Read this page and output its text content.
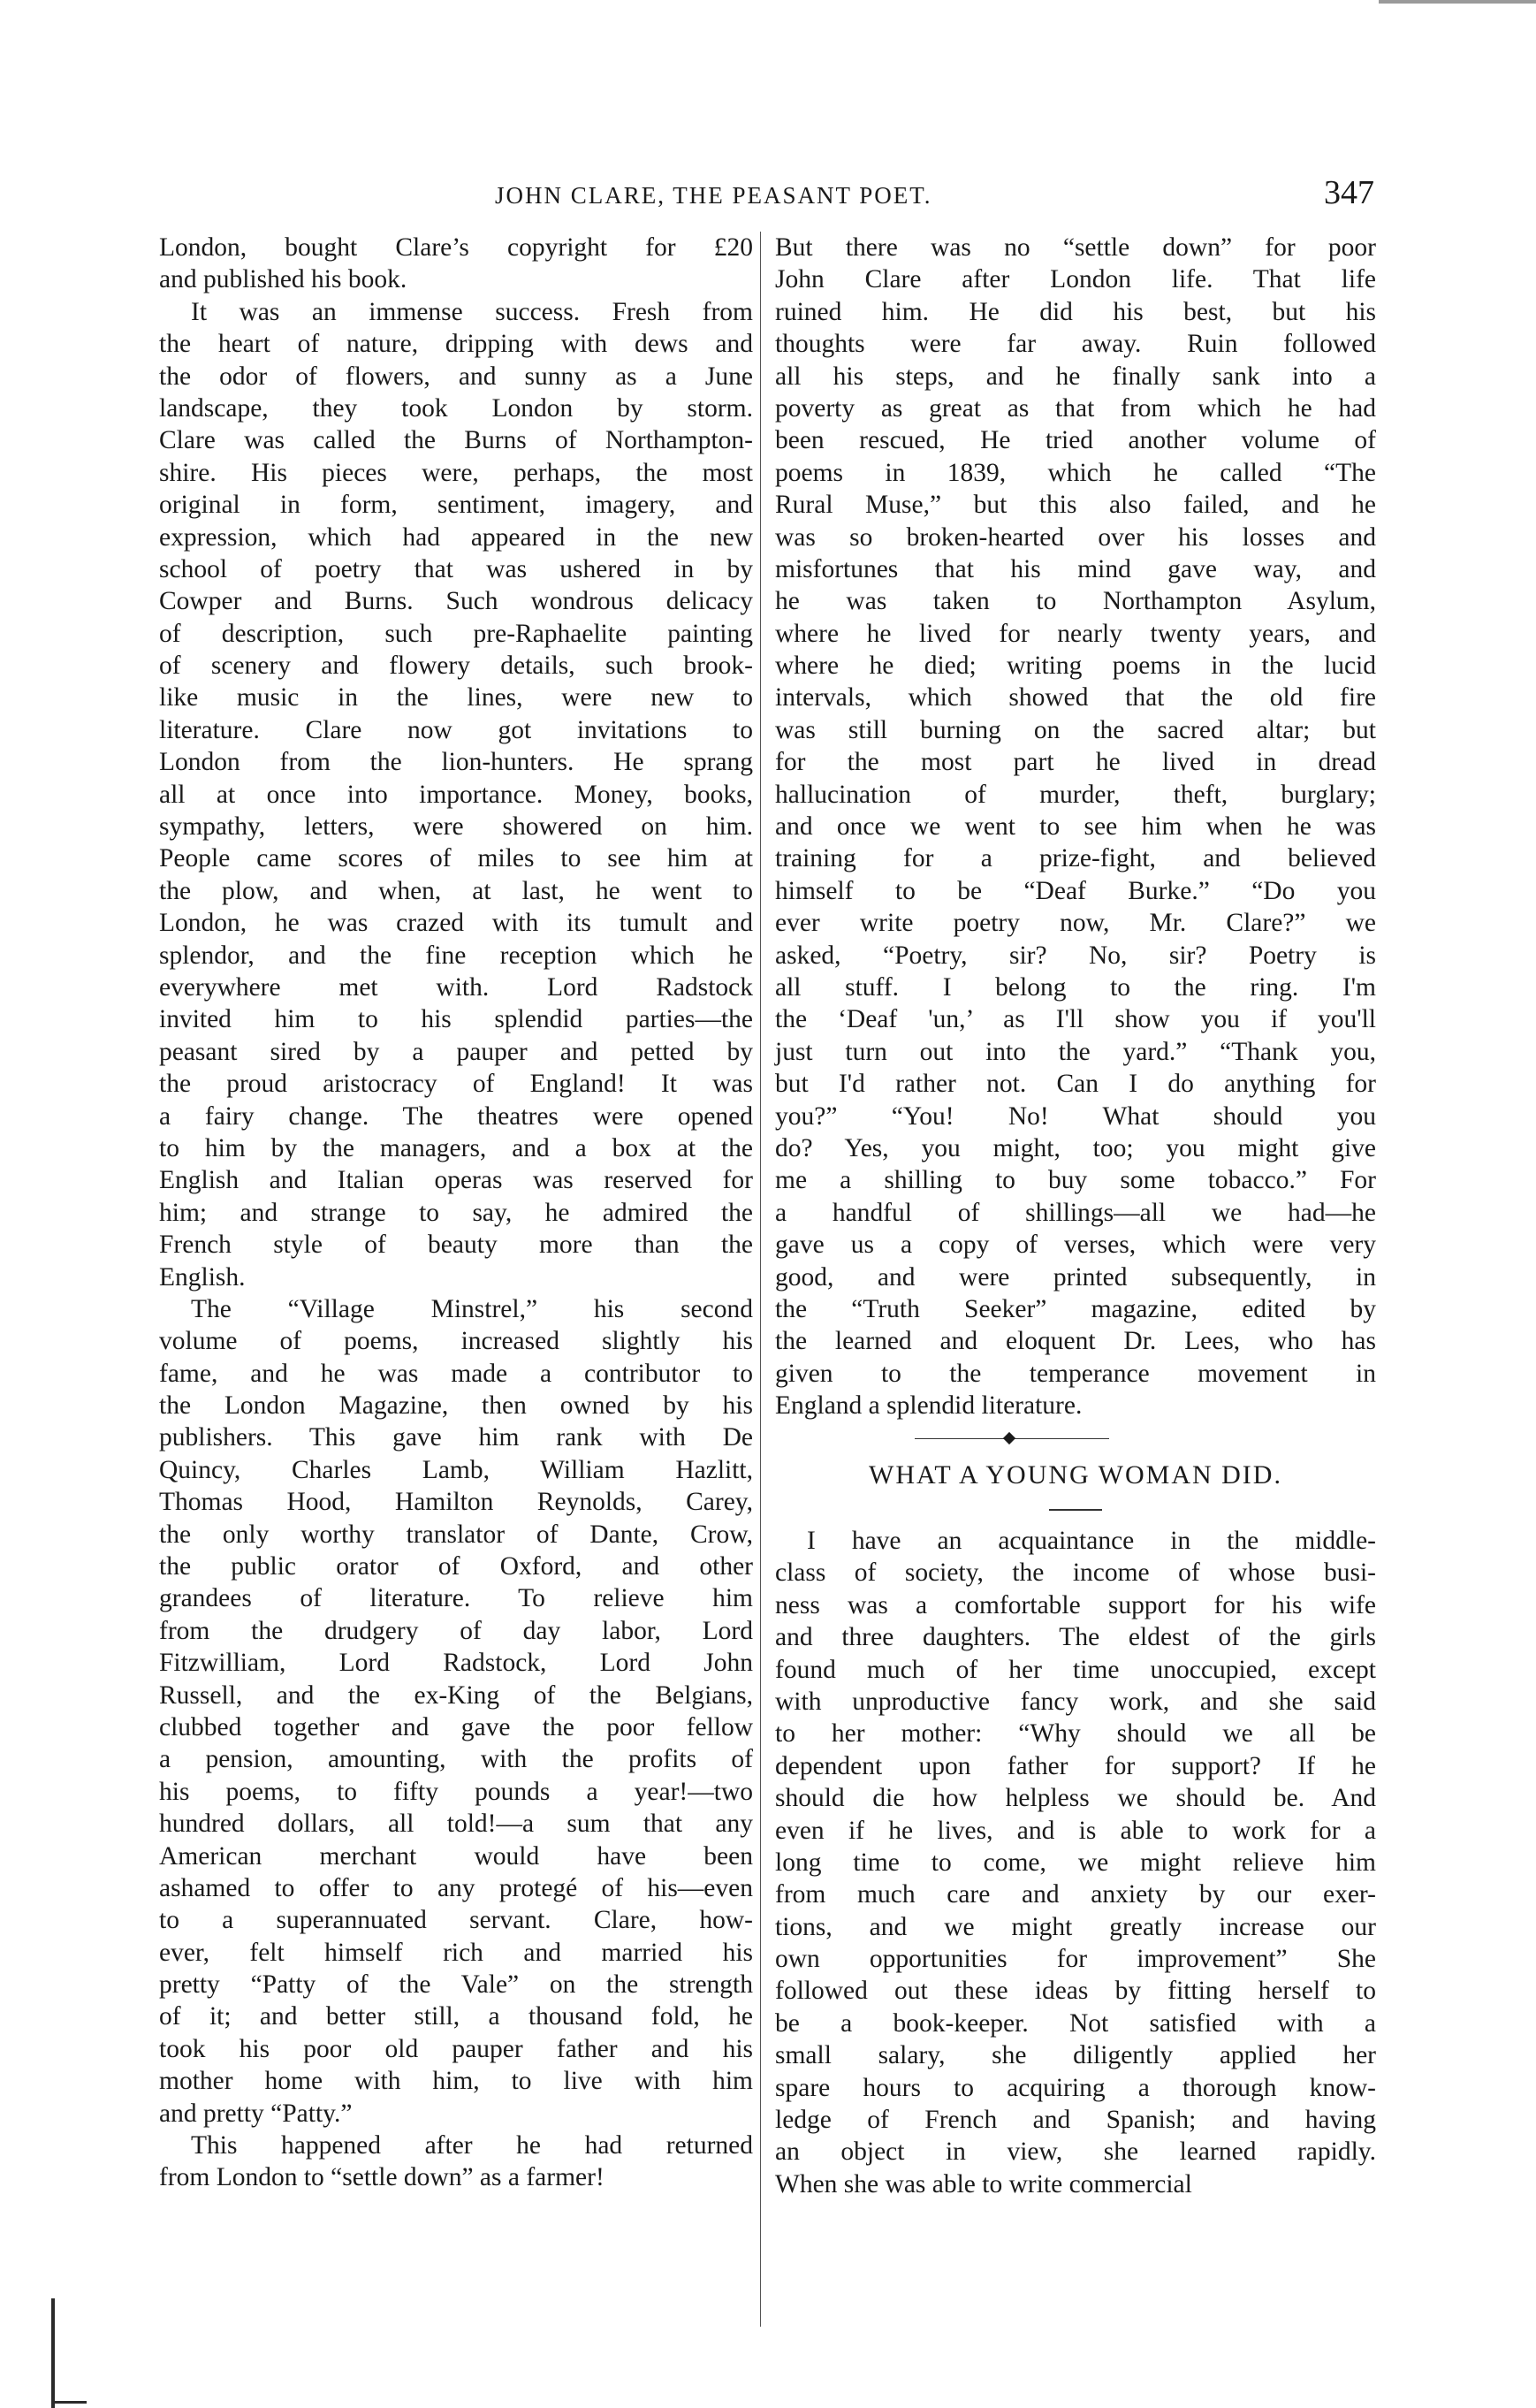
JOHN CLARE, THE PEASANT POET.	347
London, bought Clare’s copyright for £20
and published his book.
It was an immense success. Fresh from
the heart of nature, dripping with dews and
the odor of flowers, and sunny as a June
landscape, they took London by storm.
Clare was called the Burns of Northampton-
shire. His pieces were, perhaps, the most
original in form, sentiment, imagery, and
expression, which had appeared in the new
school of poetry that was ushered in by
Cowper and Burns. Such wondrous delicacy
of description, such pre-Raphaelite painting
of scenery and flowery details, such brook-
like music in the lines, were new to
literature. Clare now got invitations to
London from the lion-hunters. He sprang
all at once into importance. Money, books,
sympathy, letters, were showered on him.
People came scores of miles to see him at
the plow, and when, at last, he went to
London, he was crazed with its tumult and
splendor, and the fine reception which he
everywhere met with. Lord Radstock
invited him to his splendid parties—the
peasant sired by a pauper and petted by
the proud aristocracy of England! It was
a fairy change. The theatres were opened
to him by the managers, and a box at the
English and Italian operas was reserved for
him; and strange to say, he admired the
French style of beauty more than the
English.
The “Village Minstrel,” his second
volume of poems, increased slightly his
fame, and he was made a contributor to
the London Magazine, then owned by his
publishers. This gave him rank with De
Quincy, Charles Lamb, William Hazlitt,
Thomas Hood, Hamilton Reynolds, Carey,
the only worthy translator of Dante, Crow,
the public orator of Oxford, and other
grandees of literature. To relieve him
from the drudgery of day labor, Lord
Fitzwilliam, Lord Radstock, Lord John
Russell, and the ex-King of the Belgians,
clubbed together and gave the poor fellow
a pension, amounting, with the profits of
his poems, to fifty pounds a year!—two
hundred dollars, all told!—a sum that any
American merchant would have been
ashamed to offer to any protegé of his—even
to a superannuated servant. Clare, how-
ever, felt himself rich and married his
pretty “Patty of the Vale” on the strength
of it; and better still, a thousand fold, he
took his poor old pauper father and his
mother home with him, to live with him
and pretty “Patty.”
This happened after he had returned
from London to “settle down” as a farmer!
But there was no “settle down” for poor
John Clare after London life. That life
ruined him. He did his best, but his
thoughts were far away. Ruin followed
all his steps, and he finally sank into a
poverty as great as that from which he had
been rescued, He tried another volume of
poems in 1839, which he called “The
Rural Muse,” but this also failed, and he
was so broken-hearted over his losses and
misfortunes that his mind gave way, and
he was taken to Northampton Asylum,
where he lived for nearly twenty years, and
where he died; writing poems in the lucid
intervals, which showed that the old fire
was still burning on the sacred altar; but
for the most part he lived in dread
hallucination of murder, theft, burglary;
and once we went to see him when he was
training for a prize-fight, and believed
himself to be “Deaf Burke.” “Do you
ever write poetry now, Mr. Clare?” we
asked, “Poetry, sir? No, sir? Poetry is
all stuff. I belong to the ring. I'm
the ‘Deaf 'un,’ as I'll show you if you'll
just turn out into the yard.” “Thank you,
but I'd rather not. Can I do anything for
you?” “You! No! What should you
do? Yes, you might, too; you might give
me a shilling to buy some tobacco.” For
a handful of shillings—all we had—he
gave us a copy of verses, which were very
good, and were printed subsequently, in
the “Truth Seeker” magazine, edited by
the learned and eloquent Dr. Lees, who has
given to the temperance movement in
England a splendid literature.
WHAT A YOUNG WOMAN DID.
I have an acquaintance in the middle-
class of society, the income of whose busi-
ness was a comfortable support for his wife
and three daughters. The eldest of the girls
found much of her time unoccupied, except
with unproductive fancy work, and she said
to her mother: “Why should we all be
dependent upon father for support? If he
should die how helpless we should be. And
even if he lives, and is able to work for a
long time to come, we might relieve him
from much care and anxiety by our exer-
tions, and we might greatly increase our
own opportunities for improvement” She
followed out these ideas by fitting herself to
be a book-keeper. Not satisfied with a
small salary, she diligently applied her
spare hours to acquiring a thorough know-
ledge of French and Spanish; and having
an object in view, she learned rapidly.
When she was able to write commercial
